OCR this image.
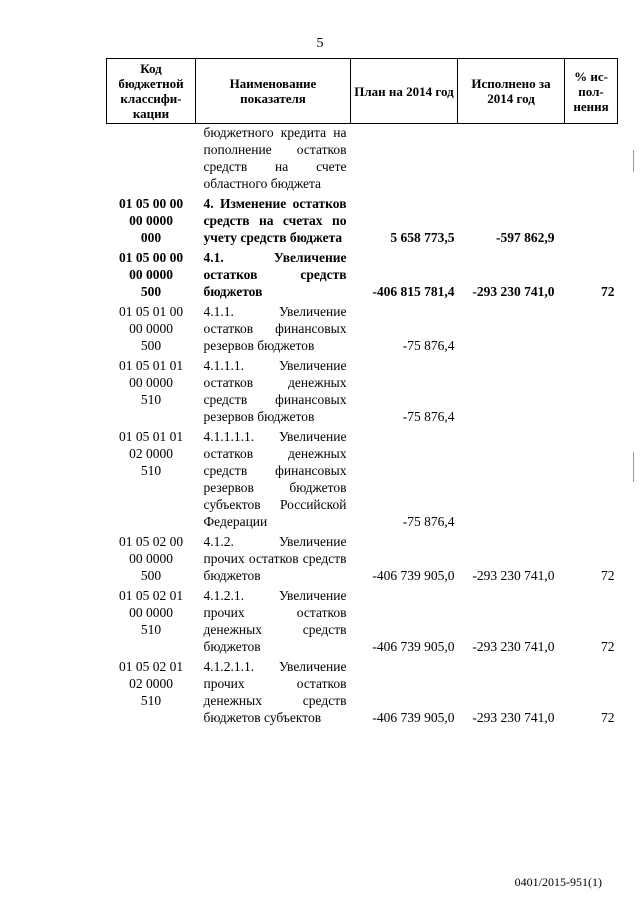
5
Код бюджетной классифи-кации	Наименование показателя	План на 2014 год	Исполнено за 2014 год	% ис-пол-нения
	бюджетного кредита на пополнение остатков средств на счете областного бюджета			
01 05 00 00
00 0000
000	4. Изменение остатков средств на счетах по учету средств бюджета	5 658 773,5	-597 862,9	
01 05 00 00
00 0000
500	4.1. Увеличение остатков средств бюджетов	-406 815 781,4	-293 230 741,0	72
01 05 01 00
00 0000
500	4.1.1. Увеличение остатков финансовых резервов бюджетов	-75 876,4		
01 05 01 01
00 0000
510	4.1.1.1. Увеличение остатков денежных средств финансовых резервов бюджетов	-75 876,4		
01 05 01 01
02 0000
510	4.1.1.1.1. Увеличение остатков денежных средств финансовых резервов бюджетов субъектов Российской Федерации	-75 876,4		
01 05 02 00
00 0000
500	4.1.2. Увеличение прочих остатков средств бюджетов	-406 739 905,0	-293 230 741,0	72
01 05 02 01
00 0000
510	4.1.2.1. Увеличение прочих остатков денежных средств бюджетов	-406 739 905,0	-293 230 741,0	72
01 05 02 01
02 0000
510	4.1.2.1.1. Увеличение прочих остатков денежных средств бюджетов субъектов	-406 739 905,0	-293 230 741,0	72
0401/2015-951(1)
